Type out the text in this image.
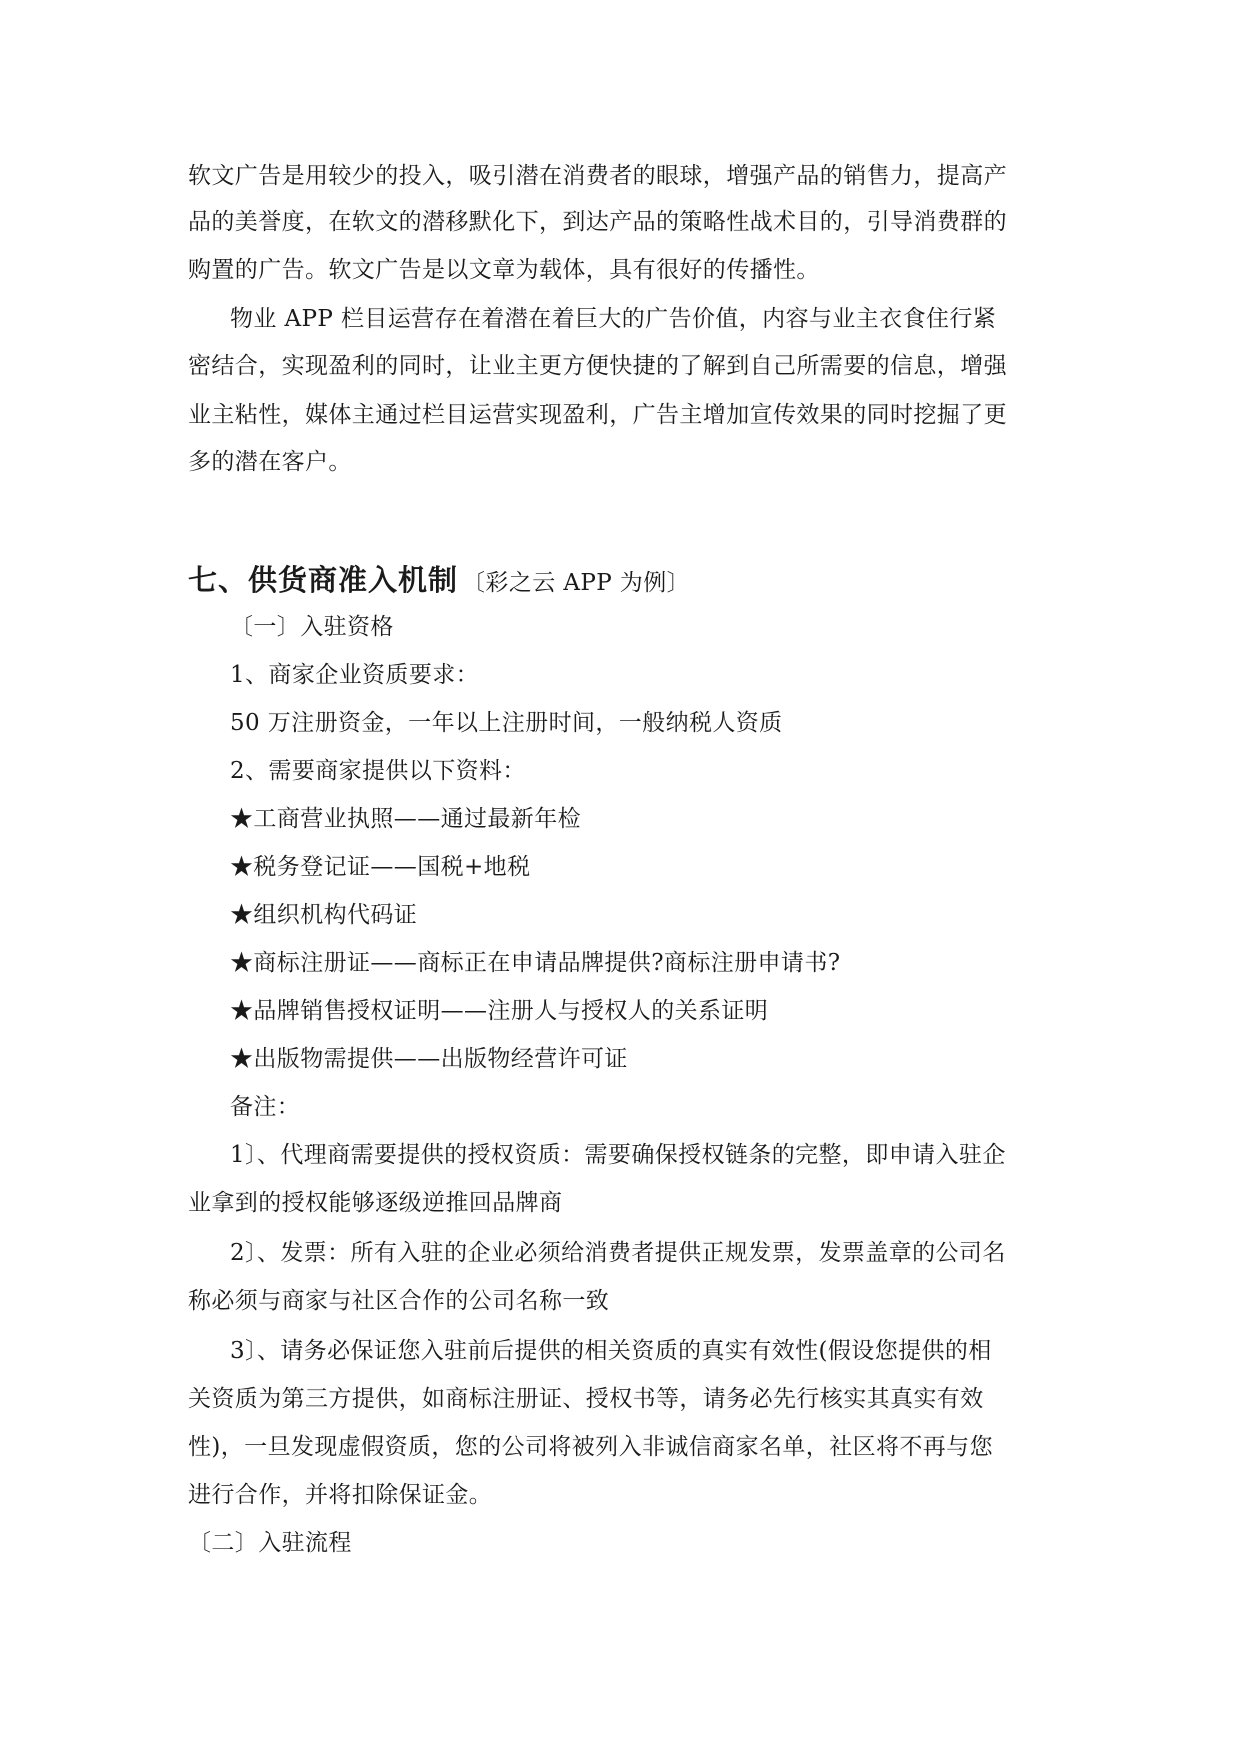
软文广告是用较少的投入，吸引潜在消费者的眼球，增强产品的销售力，提高产
品的美誉度，在软文的潜移默化下，到达产品的策略性战术目的，引导消费群的
购置的广告。软文广告是以文章为载体，具有很好的传播性。
物业 APP 栏目运营存在着潜在着巨大的广告价值，内容与业主衣食住行紧
密结合，实现盈利的同时，让业主更方便快捷的了解到自己所需要的信息，增强
业主粘性，媒体主通过栏目运营实现盈利，广告主增加宣传效果的同时挖掘了更
多的潜在客户。
七、供货商准入机制 〔彩之云 APP 为例〕
〔一〕入驻资格
1、商家企业资质要求：
50 万注册资金，一年以上注册时间，一般纳税人资质
2、需要商家提供以下资料：
★工商营业执照——通过最新年检
★税务登记证——国税+地税
★组织机构代码证
★商标注册证——商标正在申请品牌提供?商标注册申请书?
★品牌销售授权证明——注册人与授权人的关系证明
★出版物需提供——出版物经营许可证
备注：
1〕、代理商需要提供的授权资质：需要确保授权链条的完整，即申请入驻企
业拿到的授权能够逐级逆推回品牌商
2〕、发票：所有入驻的企业必须给消费者提供正规发票，发票盖章的公司名
称必须与商家与社区合作的公司名称一致
3〕、请务必保证您入驻前后提供的相关资质的真实有效性(假设您提供的相
关资质为第三方提供，如商标注册证、授权书等，请务必先行核实其真实有效
性)，一旦发现虚假资质，您的公司将被列入非诚信商家名单，社区将不再与您
进行合作，并将扣除保证金。
〔二〕入驻流程
